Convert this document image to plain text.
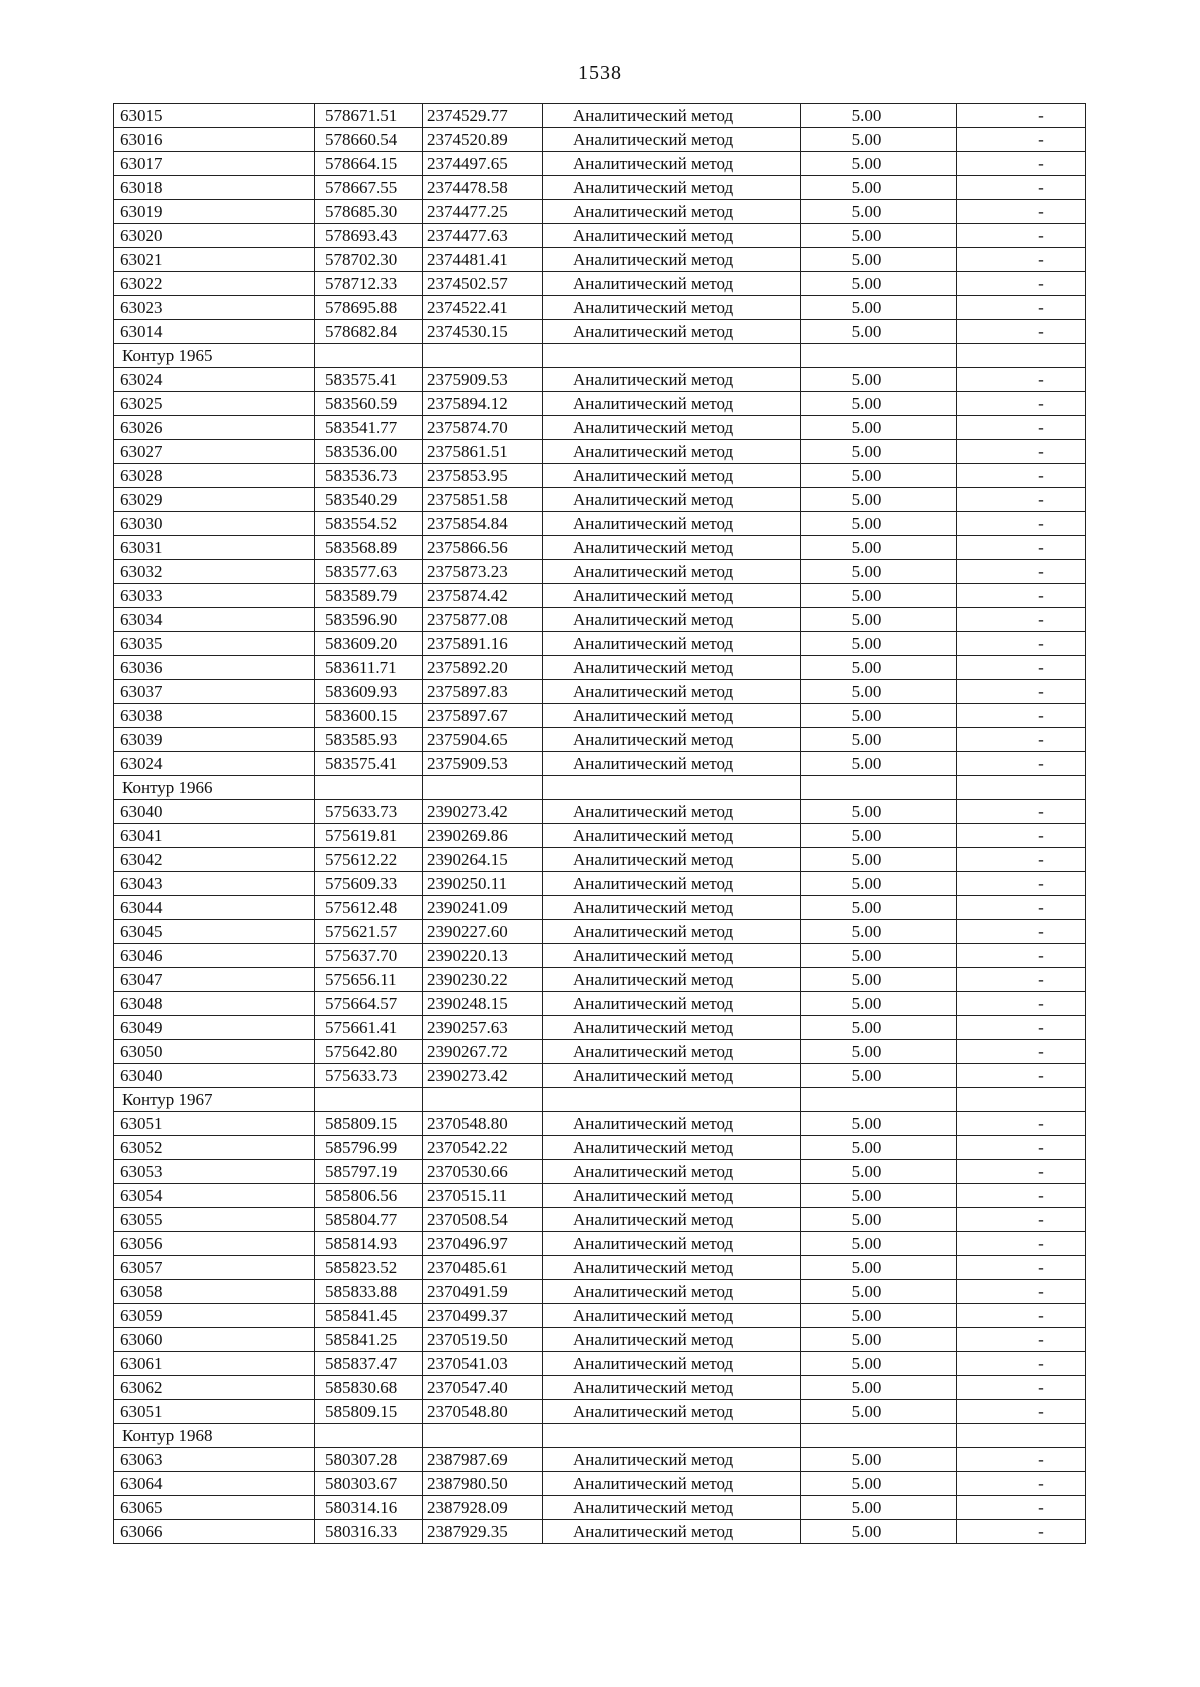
1538
63015	578671.51	2374529.77	Аналитический метод	5.00	-
63016	578660.54	2374520.89	Аналитический метод	5.00	-
63017	578664.15	2374497.65	Аналитический метод	5.00	-
63018	578667.55	2374478.58	Аналитический метод	5.00	-
63019	578685.30	2374477.25	Аналитический метод	5.00	-
63020	578693.43	2374477.63	Аналитический метод	5.00	-
63021	578702.30	2374481.41	Аналитический метод	5.00	-
63022	578712.33	2374502.57	Аналитический метод	5.00	-
63023	578695.88	2374522.41	Аналитический метод	5.00	-
63014	578682.84	2374530.15	Аналитический метод	5.00	-
Контур 1965					
63024	583575.41	2375909.53	Аналитический метод	5.00	-
63025	583560.59	2375894.12	Аналитический метод	5.00	-
63026	583541.77	2375874.70	Аналитический метод	5.00	-
63027	583536.00	2375861.51	Аналитический метод	5.00	-
63028	583536.73	2375853.95	Аналитический метод	5.00	-
63029	583540.29	2375851.58	Аналитический метод	5.00	-
63030	583554.52	2375854.84	Аналитический метод	5.00	-
63031	583568.89	2375866.56	Аналитический метод	5.00	-
63032	583577.63	2375873.23	Аналитический метод	5.00	-
63033	583589.79	2375874.42	Аналитический метод	5.00	-
63034	583596.90	2375877.08	Аналитический метод	5.00	-
63035	583609.20	2375891.16	Аналитический метод	5.00	-
63036	583611.71	2375892.20	Аналитический метод	5.00	-
63037	583609.93	2375897.83	Аналитический метод	5.00	-
63038	583600.15	2375897.67	Аналитический метод	5.00	-
63039	583585.93	2375904.65	Аналитический метод	5.00	-
63024	583575.41	2375909.53	Аналитический метод	5.00	-
Контур 1966					
63040	575633.73	2390273.42	Аналитический метод	5.00	-
63041	575619.81	2390269.86	Аналитический метод	5.00	-
63042	575612.22	2390264.15	Аналитический метод	5.00	-
63043	575609.33	2390250.11	Аналитический метод	5.00	-
63044	575612.48	2390241.09	Аналитический метод	5.00	-
63045	575621.57	2390227.60	Аналитический метод	5.00	-
63046	575637.70	2390220.13	Аналитический метод	5.00	-
63047	575656.11	2390230.22	Аналитический метод	5.00	-
63048	575664.57	2390248.15	Аналитический метод	5.00	-
63049	575661.41	2390257.63	Аналитический метод	5.00	-
63050	575642.80	2390267.72	Аналитический метод	5.00	-
63040	575633.73	2390273.42	Аналитический метод	5.00	-
Контур 1967					
63051	585809.15	2370548.80	Аналитический метод	5.00	-
63052	585796.99	2370542.22	Аналитический метод	5.00	-
63053	585797.19	2370530.66	Аналитический метод	5.00	-
63054	585806.56	2370515.11	Аналитический метод	5.00	-
63055	585804.77	2370508.54	Аналитический метод	5.00	-
63056	585814.93	2370496.97	Аналитический метод	5.00	-
63057	585823.52	2370485.61	Аналитический метод	5.00	-
63058	585833.88	2370491.59	Аналитический метод	5.00	-
63059	585841.45	2370499.37	Аналитический метод	5.00	-
63060	585841.25	2370519.50	Аналитический метод	5.00	-
63061	585837.47	2370541.03	Аналитический метод	5.00	-
63062	585830.68	2370547.40	Аналитический метод	5.00	-
63051	585809.15	2370548.80	Аналитический метод	5.00	-
Контур 1968					
63063	580307.28	2387987.69	Аналитический метод	5.00	-
63064	580303.67	2387980.50	Аналитический метод	5.00	-
63065	580314.16	2387928.09	Аналитический метод	5.00	-
63066	580316.33	2387929.35	Аналитический метод	5.00	-
